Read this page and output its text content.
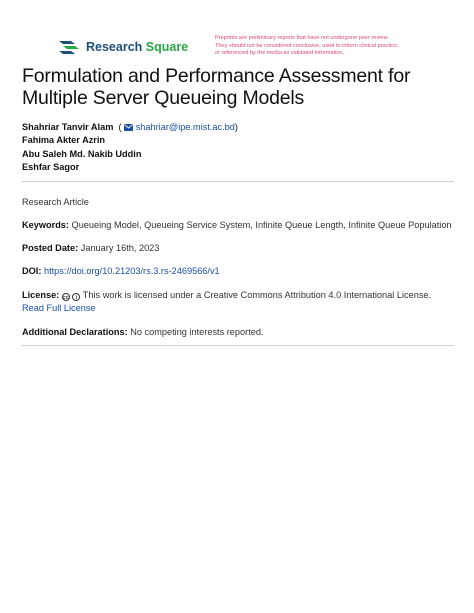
Research Square
Preprints are preliminary reports that have not undergone peer review.
They should not be considered conclusive, used to inform clinical practice,
or referenced by the media as validated information.
Formulation and Performance Assessment for Multiple Server Queueing Models
Shahriar Tanvir Alam  ( shahriar@ipe.mist.ac.bd)
Fahima Akter Azrin
Abu Saleh Md. Nakib Uddin
Eshfar Sagor
Research Article
Keywords: Queueing Model, Queueing Service System, Infinite Queue Length, Infinite Queue Population
Posted Date: January 16th, 2023
DOI: https://doi.org/10.21203/rs.3.rs-2469566/v1
License: cc i This work is licensed under a Creative Commons Attribution 4.0 International License.
Read Full License
Additional Declarations: No competing interests reported.
